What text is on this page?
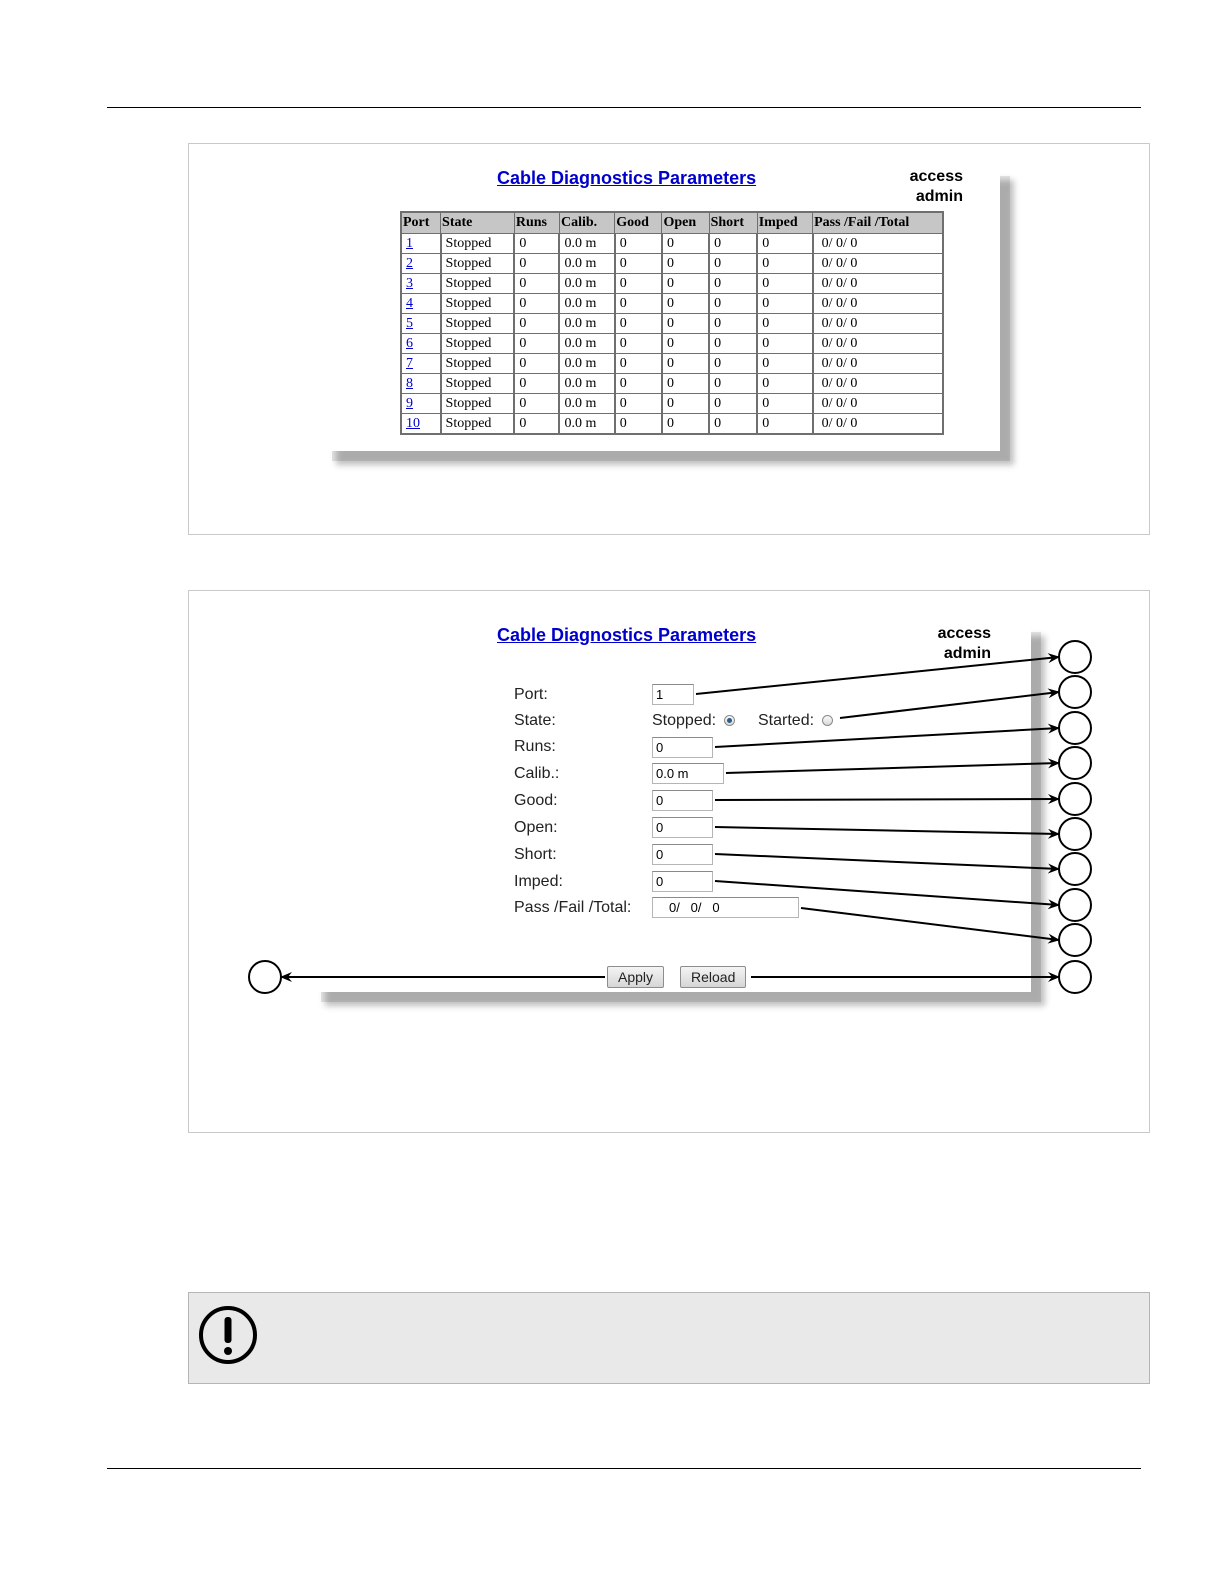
Cable Diagnostics Parameters	access
admin
Port	State	Runs	Calib.	Good	Open	Short	Imped	Pass /Fail /Total
1	Stopped	0	0.0 m	0	0	0	0	0/ 0/ 0
2	Stopped	0	0.0 m	0	0	0	0	0/ 0/ 0
3	Stopped	0	0.0 m	0	0	0	0	0/ 0/ 0
4	Stopped	0	0.0 m	0	0	0	0	0/ 0/ 0
5	Stopped	0	0.0 m	0	0	0	0	0/ 0/ 0
6	Stopped	0	0.0 m	0	0	0	0	0/ 0/ 0
7	Stopped	0	0.0 m	0	0	0	0	0/ 0/ 0
8	Stopped	0	0.0 m	0	0	0	0	0/ 0/ 0
9	Stopped	0	0.0 m	0	0	0	0	0/ 0/ 0
10	Stopped	0	0.0 m	0	0	0	0	0/ 0/ 0
Cable Diagnostics Parameters	access
admin
Port:
1
State:	Stopped:	Started:
Runs:
0
Calib.:
0.0 m
Good:
0
Open:
0
Short:
0
Imped:
0
Pass /Fail /Total:
0/ 0/ 0
Apply	Reload
